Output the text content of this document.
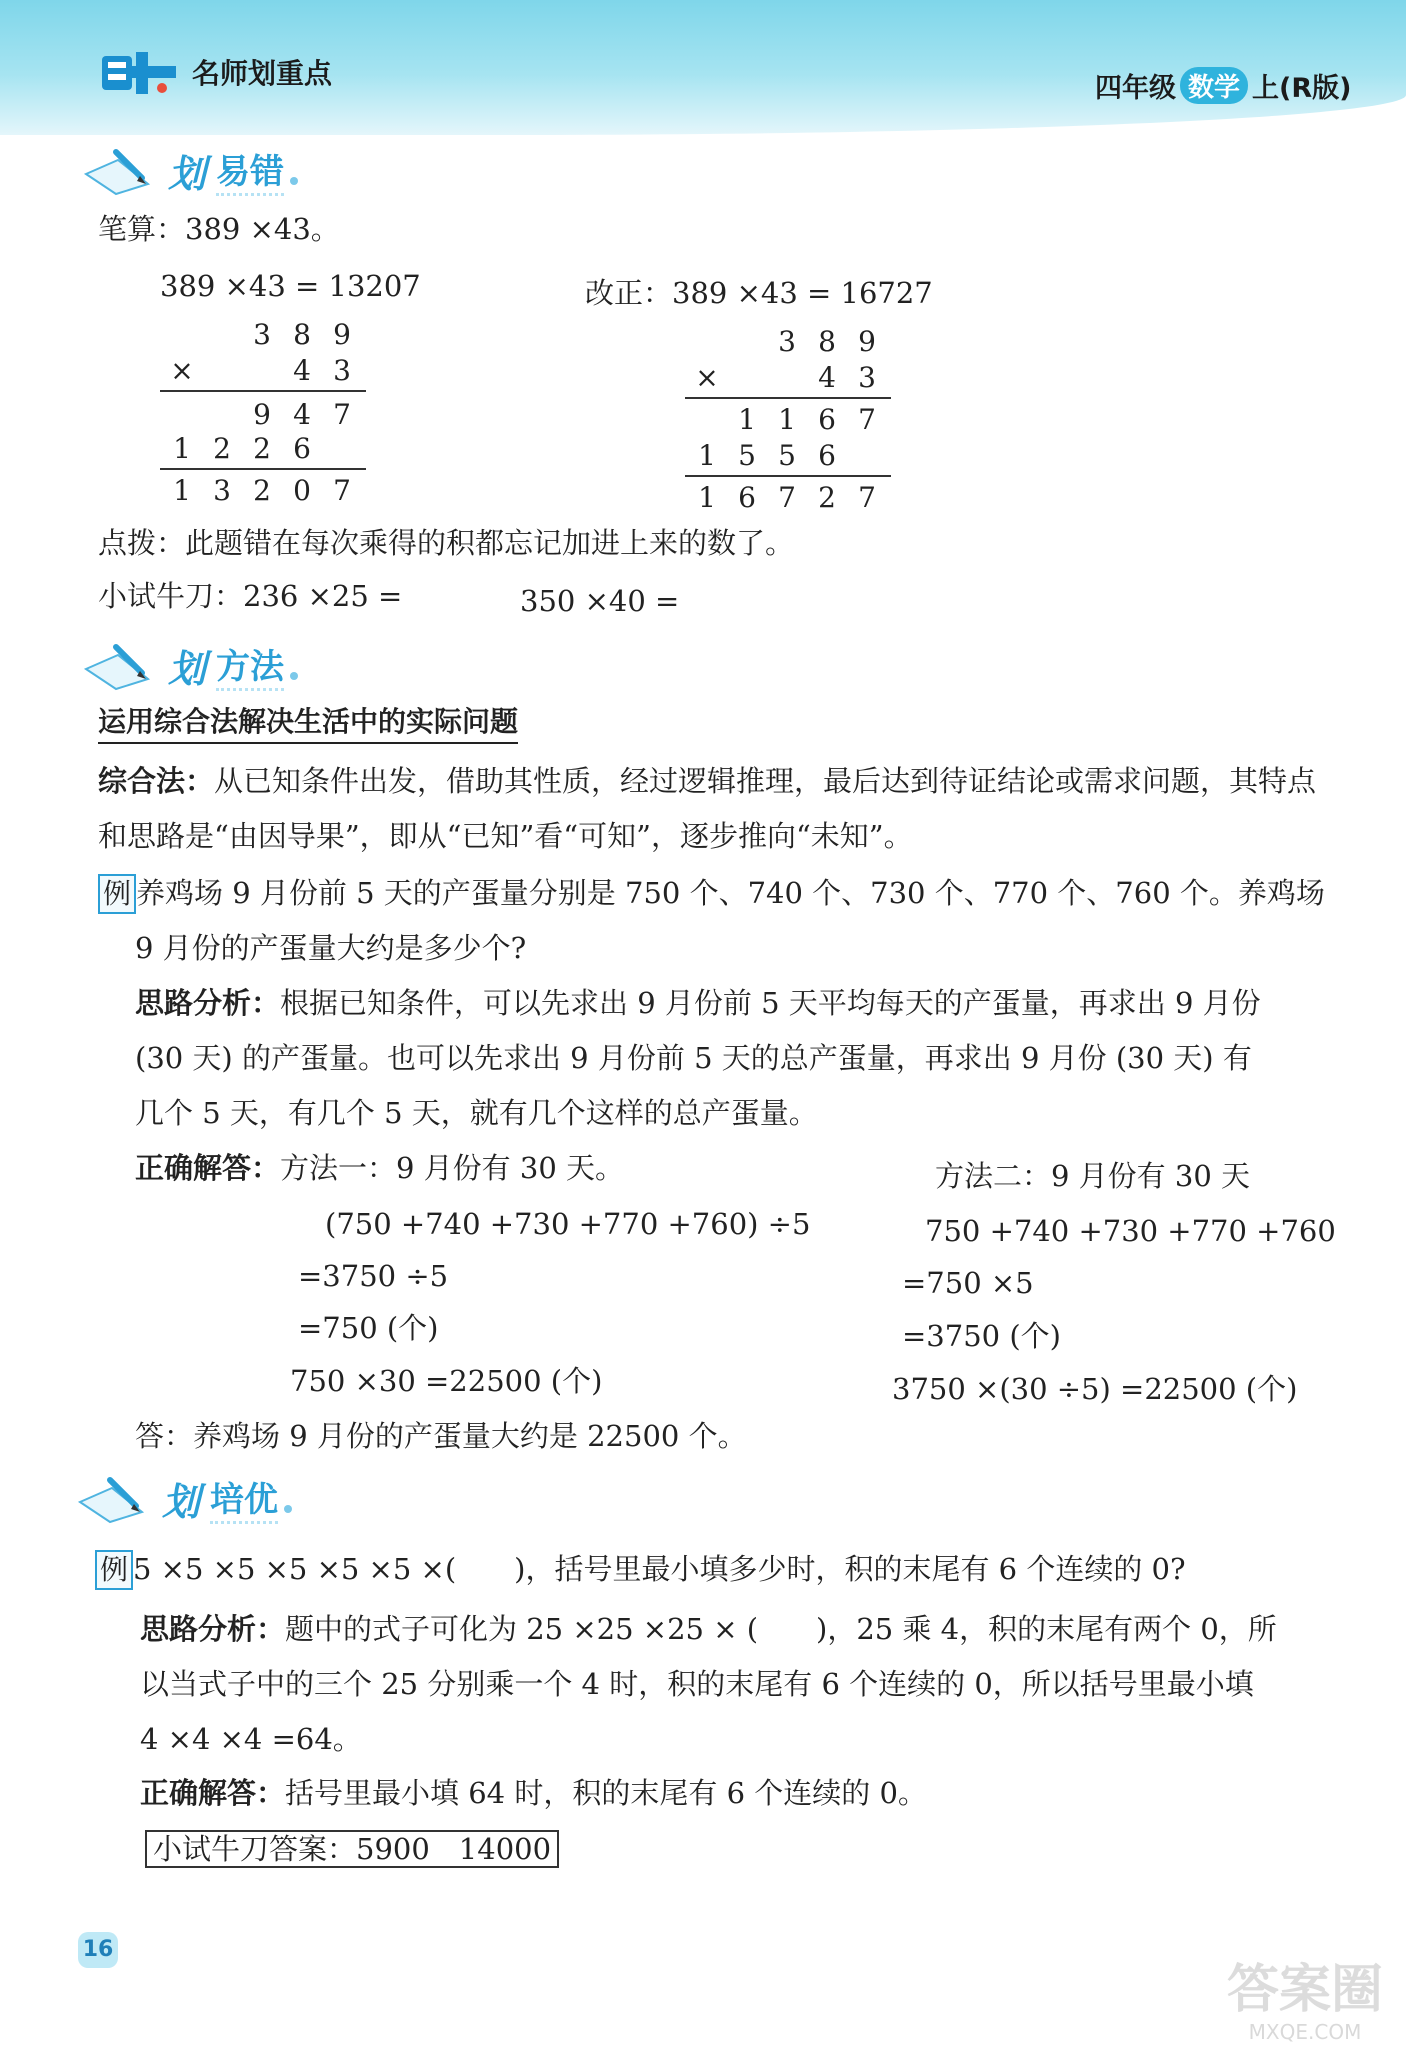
名师划重点	四年级 数学 上(R版)
划 易错
笔算：389 ×43。
389 ×43 = 13207	改正：389 ×43 = 16727
3 8 9
×	4 3
9 4 7
1 2 2 6
1 3 2 0 7
3 8 9
×	4 3
1 1 6 7
1 5 5 6
1 6 7 2 7
点拨：此题错在每次乘得的积都忘记加进上来的数了。
小试牛刀：236 ×25 =	350 ×40 =
划 方法
运用综合法解决生活中的实际问题
综合法：从已知条件出发，借助其性质，经过逻辑推理，最后达到待证结论或需求问题，其特点
和思路是“由因导果”，即从“已知”看“可知”，逐步推向“未知”。
例 养鸡场 9 月份前 5 天的产蛋量分别是 750 个、740 个、730 个、770 个、760 个。养鸡场
9 月份的产蛋量大约是多少个?
思路分析：根据已知条件，可以先求出 9 月份前 5 天平均每天的产蛋量，再求出 9 月份
(30 天) 的产蛋量。也可以先求出 9 月份前 5 天的总产蛋量，再求出 9 月份 (30 天) 有
几个 5 天，有几个 5 天，就有几个这样的总产蛋量。
正确解答：方法一：9 月份有 30 天。
(750 +740 +730 +770 +760) ÷5
=3750 ÷5
=750 (个)
750 ×30 =22500 (个)
方法二：9 月份有 30 天
750 +740 +730 +770 +760
=750 ×5
=3750 (个)
3750 ×(30 ÷5) =22500 (个)
答：养鸡场 9 月份的产蛋量大约是 22500 个。
划 培优
例 5 ×5 ×5 ×5 ×5 ×5 ×(　　)，括号里最小填多少时，积的末尾有 6 个连续的 0?
思路分析：题中的式子可化为 25 ×25 ×25 × (　　)，25 乘 4，积的末尾有两个 0，所
以当式子中的三个 25 分别乘一个 4 时，积的末尾有 6 个连续的 0，所以括号里最小填
4 ×4 ×4 =64。
正确解答：括号里最小填 64 时，积的末尾有 6 个连续的 0。
小试牛刀答案：5900　14000
16
答案圈
MXQE.COM
